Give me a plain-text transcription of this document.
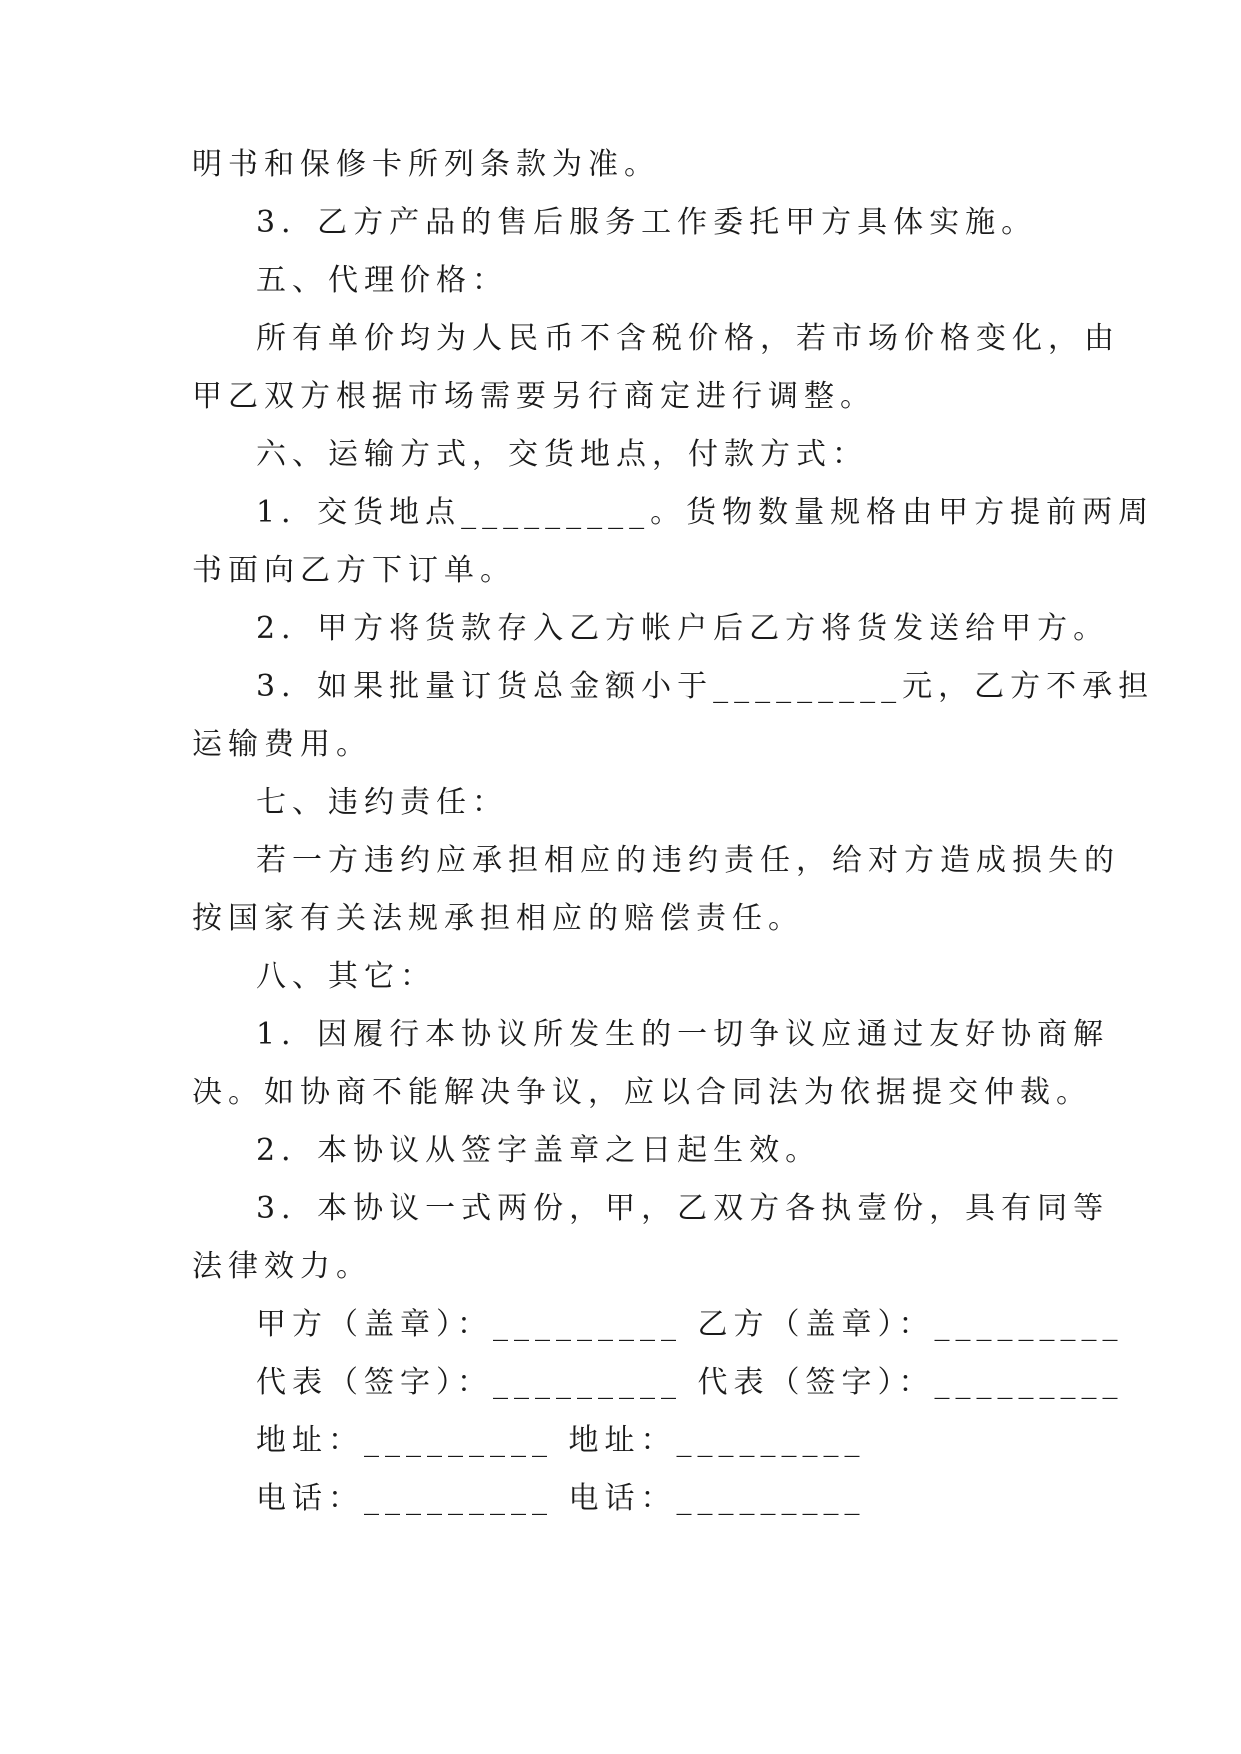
明书和保修卡所列条款为准。
3．乙方产品的售后服务工作委托甲方具体实施。
五、代理价格：
所有单价均为人民币不含税价格，若市场价格变化，由
甲乙双方根据市场需要另行商定进行调整。
六、运输方式，交货地点，付款方式：
1．交货地点_________。货物数量规格由甲方提前两周
书面向乙方下订单。
2．甲方将货款存入乙方帐户后乙方将货发送给甲方。
3．如果批量订货总金额小于_________元，乙方不承担
运输费用。
七、违约责任：
若一方违约应承担相应的违约责任，给对方造成损失的
按国家有关法规承担相应的赔偿责任。
八、其它：
1．因履行本协议所发生的一切争议应通过友好协商解
决。如协商不能解决争议，应以合同法为依据提交仲裁。
2．本协议从签字盖章之日起生效。
3．本协议一式两份，甲，乙双方各执壹份，具有同等
法律效力。
甲方（盖章）：_________ 乙方（盖章）：_________
代表（签字）：_________ 代表（签字）：_________
地址：_________ 地址：_________
电话：_________ 电话：_________
